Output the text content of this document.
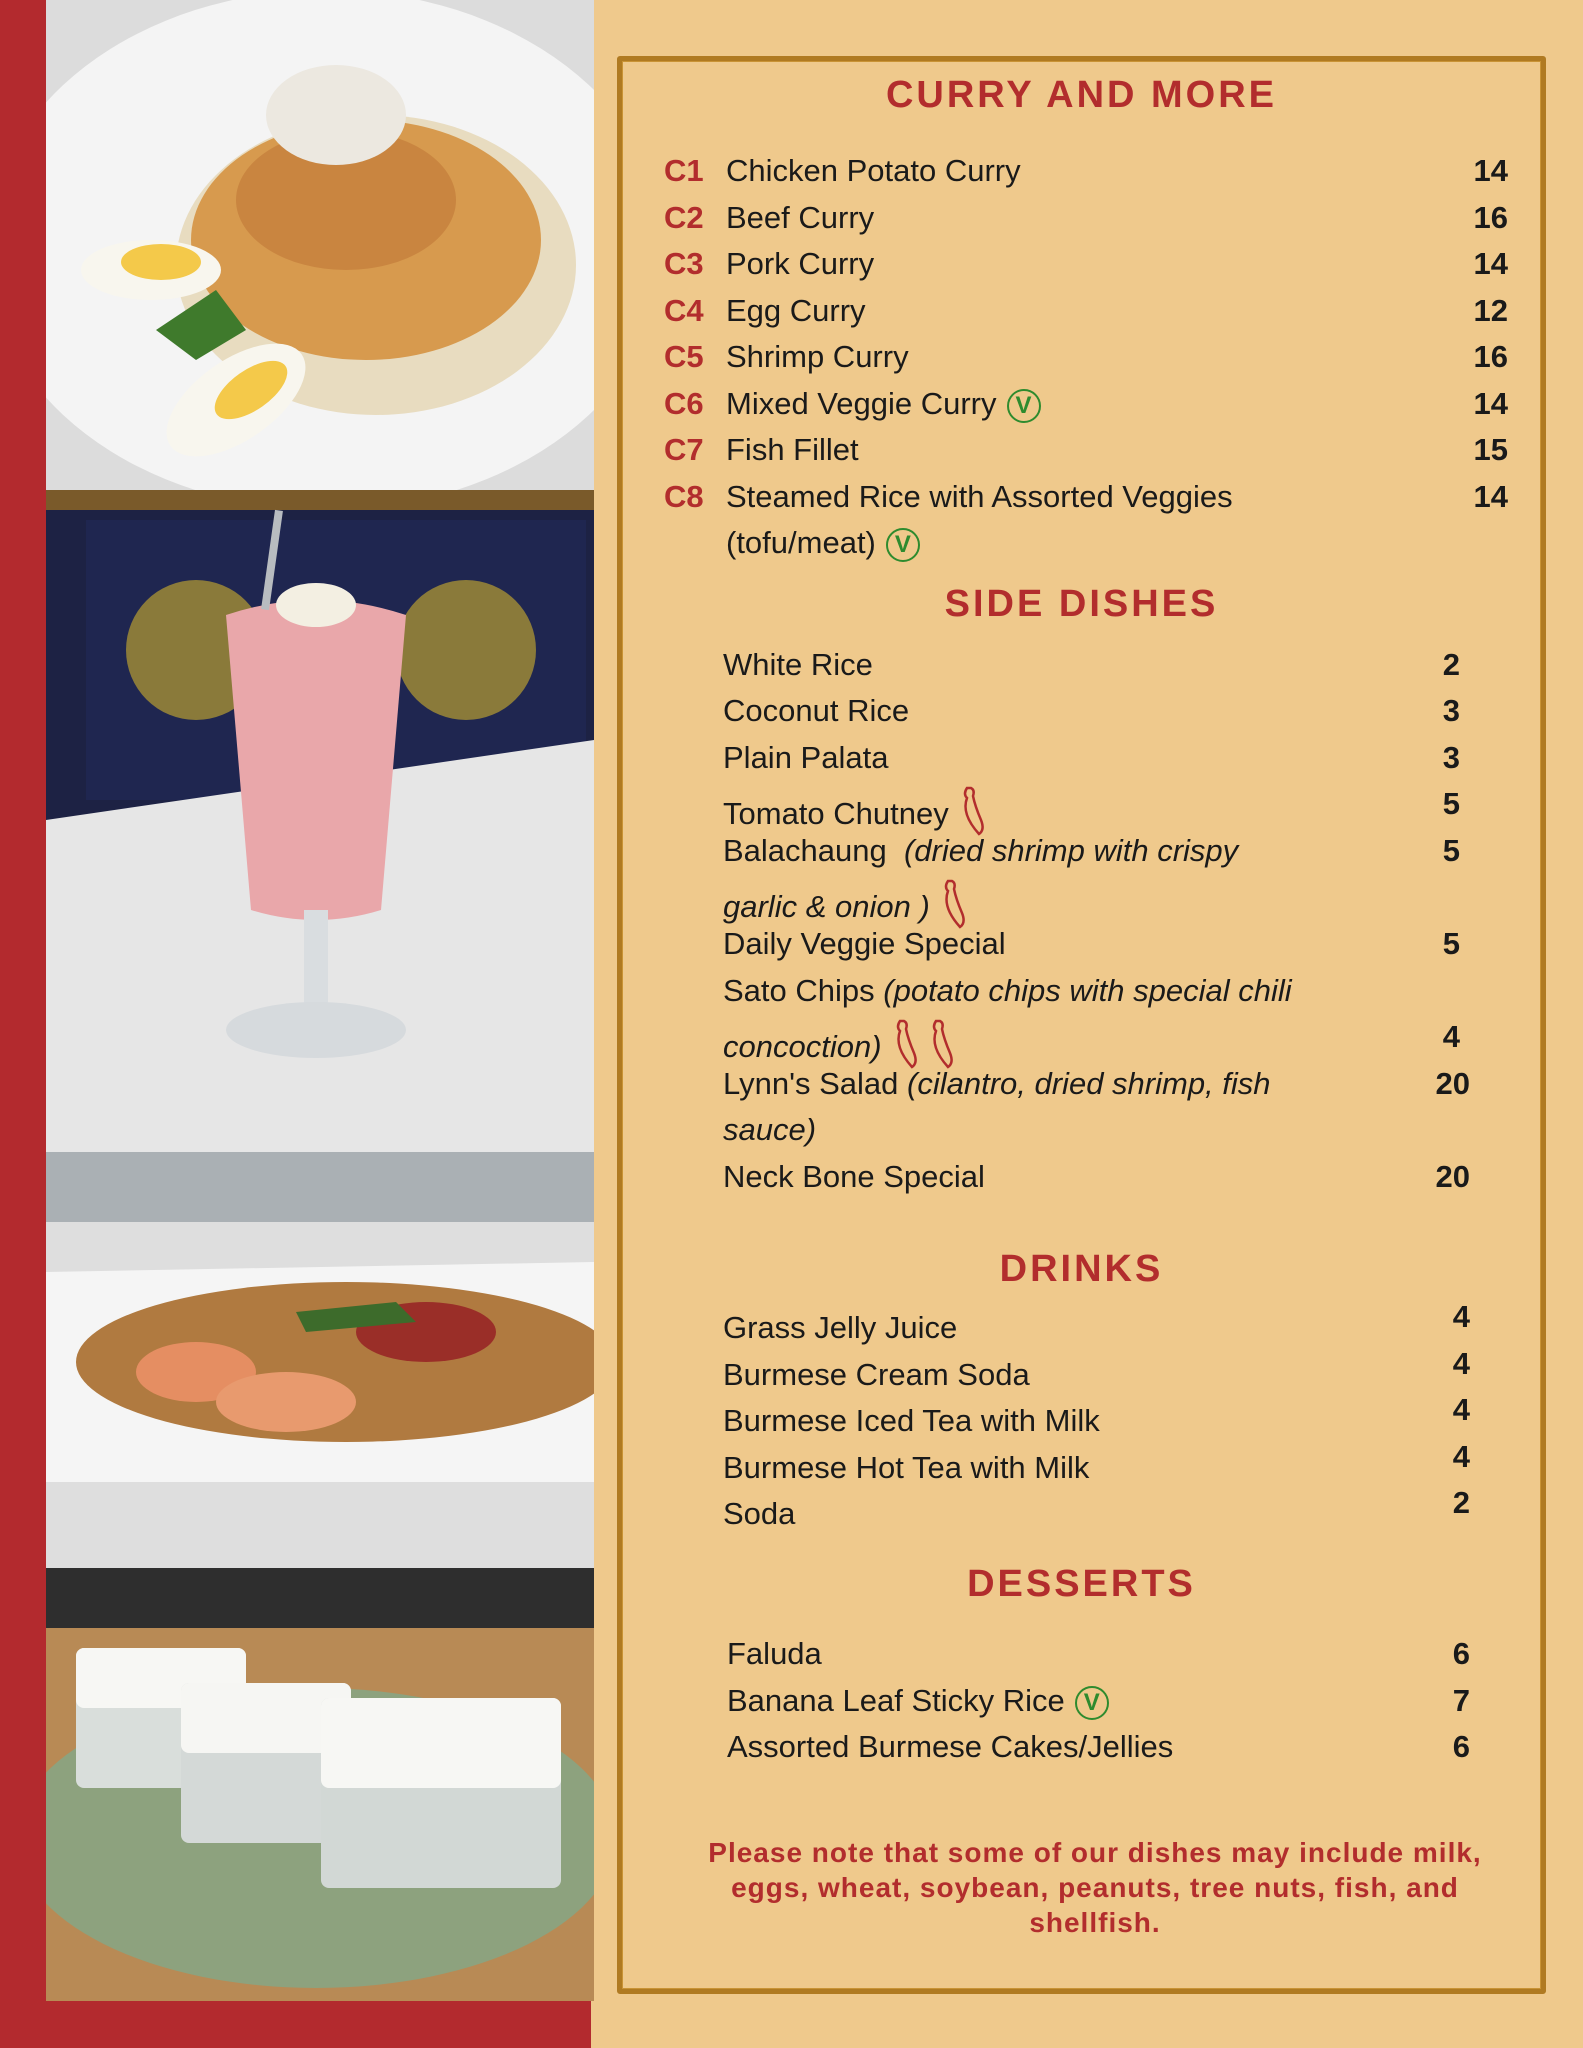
CURRY AND MORE
C1 Chicken Potato Curry	14
C2 Beef Curry	16
C3 Pork Curry	14
C4 Egg Curry	12
C5 Shrimp Curry	16
C6 Mixed Veggie Curry V	14
C7 Fish Fillet	15
C8 Steamed Rice with Assorted Veggies
(tofu/meat) V
14
SIDE DISHES
White Rice	2
Coconut Rice	3
Plain Palata	3
Tomato Chutney	5
Balachaung (dried shrimp with crispy
garlic & onion )
5
Daily Veggie Special	5
Sato Chips (potato chips with special chili
concoction)	4
Lynn's Salad (cilantro, dried shrimp, fish
sauce)
20
Neck Bone Special	20
DRINKS
Grass Jelly Juice	4
Burmese Cream Soda	4
Burmese Iced Tea with Milk	4
Burmese Hot Tea with Milk	4
Soda	2
DESSERTS
Faluda	6
Banana Leaf Sticky Rice V	7
Assorted Burmese Cakes/Jellies	6
Please note that some of our dishes may include milk, eggs, wheat, soybean, peanuts, tree nuts, fish, and shellfish.
